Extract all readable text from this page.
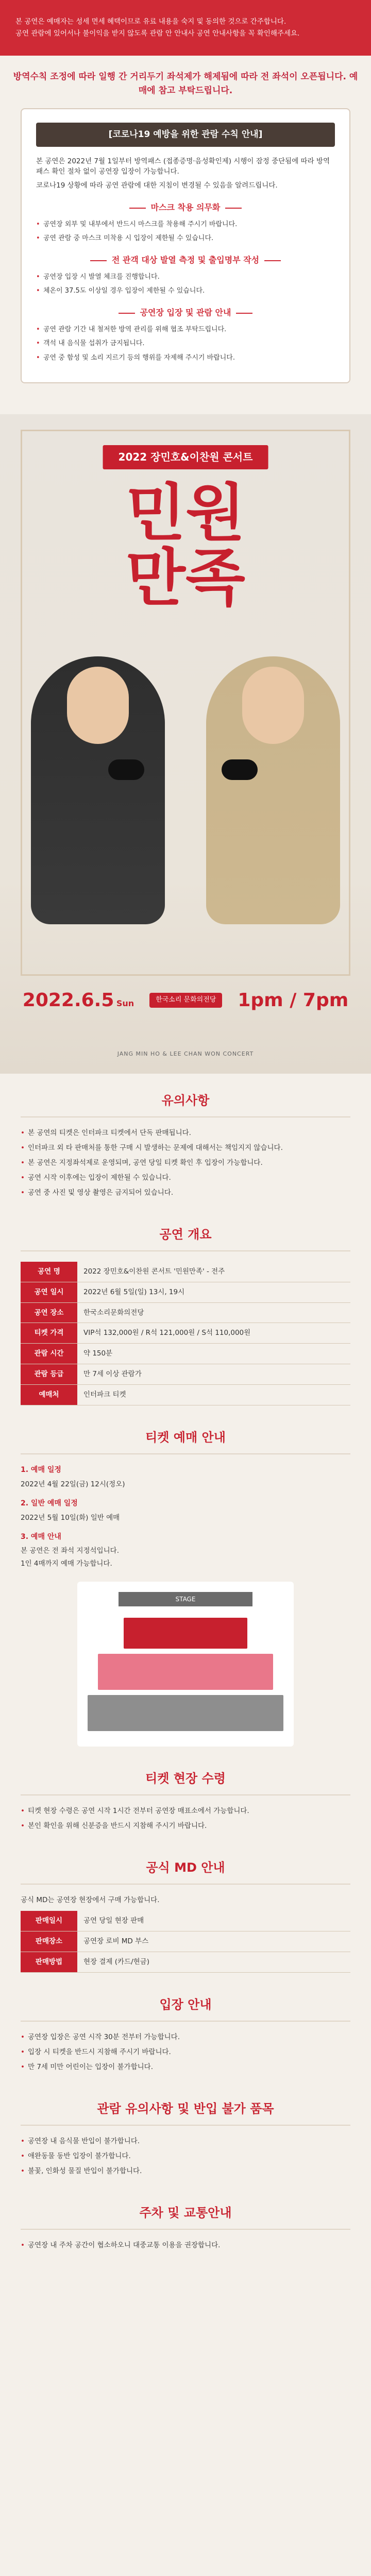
본 공연은 예매자는 성세 면세 혜택이므로 유료 내용을 숙지 및 동의한 것으로 간주합니다.

공연 관람에 있어서나 불이익을 받지 않도록 관람 안 안내사 공연 안내사항을 꼭 확인해주세요.

방역수칙 조정에 따라 일행 간 거리두기 좌석제가 해제됨에 따라 전 좌석이 오픈됩니다. 예매에 참고 부탁드립니다.
[코로나19 예방을 위한 관람 수칙 안내]

본 공연은 2022년 7월 1일부터 방역패스 (접종증명·음성확인제) 시행이 잠정 중단됨에 따라 방역패스 확인 절차 없이 공연장 입장이 가능합니다.

코로나19 상황에 따라 공연 관람에 대한 지침이 변경될 수 있음을 알려드립니다.

마스크 착용 의무화
• 공연장 외부 및 내부에서 반드시 마스크를 착용해 주시기 바랍니다.
• 공연 관람 중 마스크 미착용 시 입장이 제한될 수 있습니다.
전 관객 대상 발열 측정 및 출입명부 작성
• 공연장 입장 시 발열 체크를 진행합니다.
• 체온이 37.5도 이상일 경우 입장이 제한될 수 있습니다.
공연장 입장 및 관람 안내
• 공연 관람 기간 내 철저한 방역 관리를 위해 협조 부탁드립니다.
• 객석 내 음식물 섭취가 금지됩니다.
• 공연 중 함성 및 소리 지르기 등의 행위를 자제해 주시기 바랍니다.
2022 장민호&이찬원 콘서트
민원
만족
2022.6.5 Sun	한국소리 문화의전당	1pm / 7pm
JANG MIN HO & LEE CHAN WON CONCERT
유의사항
• 본 공연의 티켓은 인터파크 티켓에서 단독 판매됩니다.
• 인터파크 외 타 판매처를 통한 구매 시 발생하는 문제에 대해서는 책임지지 않습니다.
• 본 공연은 지정좌석제로 운영되며, 공연 당일 티켓 확인 후 입장이 가능합니다.
• 공연 시작 이후에는 입장이 제한될 수 있습니다.
• 공연 중 사진 및 영상 촬영은 금지되어 있습니다.
공연 개요
공연 명	2022 장민호&이찬원 콘서트 '민원만족' - 전주
공연 일시	2022년 6월 5일(일) 13시, 19시
공연 장소	한국소리문화의전당
티켓 가격	VIP석 132,000원 / R석 121,000원 / S석 110,000원
관람 시간	약 150분
관람 등급	만 7세 이상 관람가
예매처	인터파크 티켓
티켓 예매 안내
1. 예매 일정
2022년 4월 22일(금) 12시(정오)
2. 일반 예매 일정
2022년 5월 10일(화) 일반 예매
3. 예매 안내
본 공연은 전 좌석 지정석입니다.
1인 4매까지 예매 가능합니다.
STAGE
티켓 현장 수령
• 티켓 현장 수령은 공연 시작 1시간 전부터 공연장 매표소에서 가능합니다.
• 본인 확인을 위해 신분증을 반드시 지참해 주시기 바랍니다.
공식 MD 안내

공식 MD는 공연장 현장에서 구매 가능합니다.

판매일시	공연 당일 현장 판매
판매장소	공연장 로비 MD 부스
판매방법	현장 결제 (카드/현금)
입장 안내
• 공연장 입장은 공연 시작 30분 전부터 가능합니다.
• 입장 시 티켓을 반드시 지참해 주시기 바랍니다.
• 만 7세 미만 어린이는 입장이 불가합니다.
관람 유의사항 및 반입 불가 품목
• 공연장 내 음식물 반입이 불가합니다.
• 애완동물 동반 입장이 불가합니다.
• 불꽃, 인화성 물질 반입이 불가합니다.
주차 및 교통안내
• 공연장 내 주차 공간이 협소하오니 대중교통 이용을 권장합니다.
